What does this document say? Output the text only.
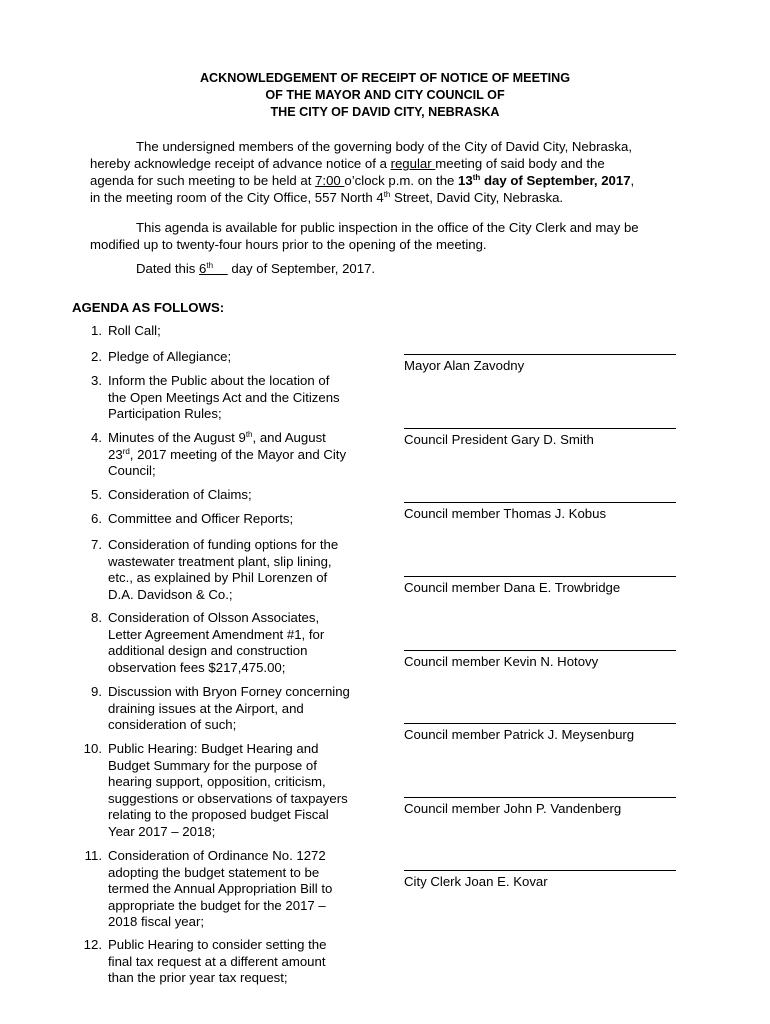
ACKNOWLEDGEMENT OF RECEIPT OF NOTICE OF MEETING
OF THE MAYOR AND CITY COUNCIL OF
THE CITY OF DAVID CITY, NEBRASKA
The undersigned members of the governing body of the City of David City, Nebraska,
hereby acknowledge receipt of advance notice of a regular meeting of said body and the
agenda for such meeting to be held at 7:00 o’clock p.m. on the 13th day of September, 2017,
in the meeting room of the City Office, 557 North 4th Street, David City, Nebraska.
This agenda is available for public inspection in the office of the City Clerk and may be
modified up to twenty-four hours prior to the opening of the meeting.
Dated this 6th     day of September, 2017.
AGENDA AS FOLLOWS:
1. Roll Call;
2. Pledge of Allegiance;
3. Inform the Public about the location of
the Open Meetings Act and the Citizens
Participation Rules;
4. Minutes of the August 9th, and August
23rd, 2017 meeting of the Mayor and City
Council;
5. Consideration of Claims;
6. Committee and Officer Reports;
7. Consideration of funding options for the
wastewater treatment plant, slip lining,
etc., as explained by Phil Lorenzen of
D.A. Davidson & Co.;
8. Consideration of Olsson Associates,
Letter Agreement Amendment #1, for
additional design and construction
observation fees $217,475.00;
9. Discussion with Bryon Forney concerning
draining issues at the Airport, and
consideration of such;
10. Public Hearing: Budget Hearing and
Budget Summary for the purpose of
hearing support, opposition, criticism,
suggestions or observations of taxpayers
relating to the proposed budget Fiscal
Year 2017 – 2018;
11. Consideration of Ordinance No. 1272
adopting the budget statement to be
termed the Annual Appropriation Bill to
appropriate the budget for the 2017 –
2018 fiscal year;
12. Public Hearing to consider setting the
final tax request at a different amount
than the prior year tax request;
Mayor Alan Zavodny
Council President Gary D. Smith
Council member Thomas J. Kobus
Council member Dana E. Trowbridge
Council member Kevin N. Hotovy
Council member Patrick J. Meysenburg
Council member John P. Vandenberg
City Clerk Joan E. Kovar
